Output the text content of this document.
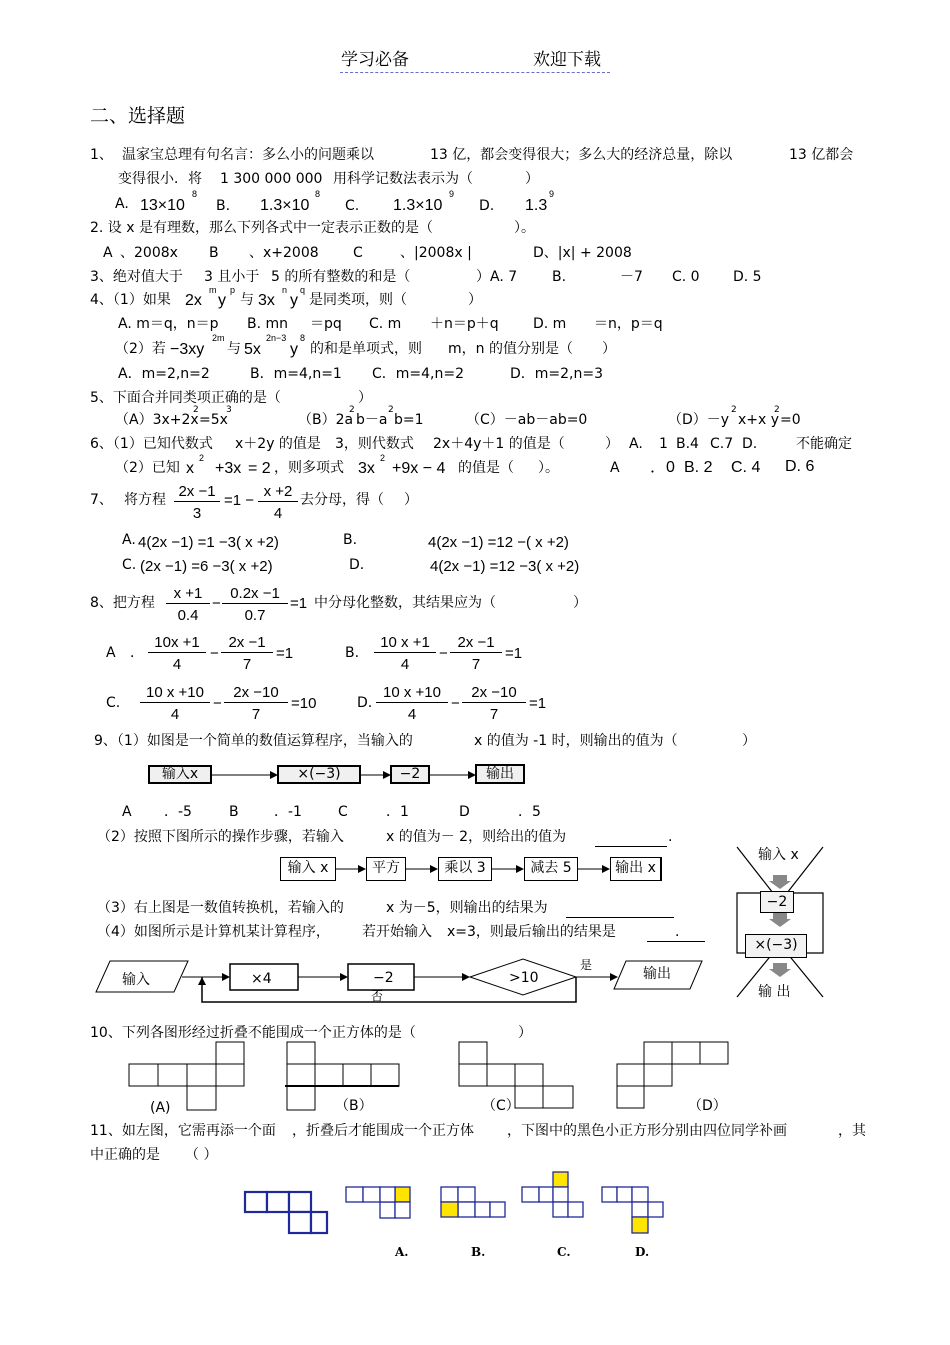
学习必备	欢迎下载
二、选择题
1、 温家宝总理有句名言：多么小的问题乘以	13 亿，都会变得很大；多么大的经济总量，除以	13 亿都会
变得很小．将 1 300 000 000 用科学记数法表示为（	）
A. 13×10
8
B. 1.3×10
8
C. 1.3×10
9
D. 1.3
9
2. 设 x 是有理数，那么下列各式中一定表示正数的是（	）。
A 、2008x B 、x+2008 C	、|2008x |	D、|x| + 2008
3、绝对值大于 3 且小于 5 的所有整数的和是（	）A. 7 B.	－7 C. 0 D. 5
4、（1）如果 2x
m
y
p
与 3x
n
y
q
是同类项，则（	）
A. m＝q，n＝p B. mn ＝pq C. m ＋n＝p＋q D. m ＝n，p＝q
（2）若 −3xy
2m
与 5x
2n−3
y
8
的和是单项式，则 m，n 的值分别是（ ）
A．m=2,n=2	B．m=4,n=1 C．m=4,n=2	D．m=2,n=3
5、下面合并同类项正确的是（	）
（A）3x+2x
2
=5x
3
（B）2a
2
b－a
2
b=1	（C）－ab－ab=0	（D）－y
2
x+x y
2
=0
6、（1）已知代数式 x＋2y 的值是 3，则代数式 2x＋4y＋1 的值是（	） A. 1 B.4 C.7 D.	不能确定
（2）已知 x
2
+3x = 2 ，则多项式 3x
2
+9x − 4 的值是（ ）。	A ．0 B. 2 C. 4 D. 6
7、 将方程 $\frac{2x -1}{3} =1 - \frac{x +2}{4}$ 去分母，得（ ）
A. 4(2x −1) =1 −3( x +2)	B.	4(2x −1) =12 −( x +2)
C. (2x −1) =6 −3( x +2)	D.	4(2x −1) =12 −3( x +2)
8、把方程 $\frac{x +1}{0.4} - \frac{0.2x -1}{0.7} =1$ 中分母化整数，其结果应为（	）
A ． $\frac{10x +1}{4} - \frac{2x -1}{7} =1$	B. $\frac{10 x +1}{4} - \frac{2x -1}{7} =1$
C. $\frac{10 x +10}{4} - \frac{2x -10}{7} =10$	D. $\frac{10 x +10}{4} - \frac{2x -10}{7} =1$
9、（1）如图是一个简单的数值运算程序，当输入的	x 的值为 -1 时，则输出的值为（	）
输入x	×(−3)	−2	输出
A ．-5	B	．-1	C	．1	D	．5
（2）按照下图所示的操作步骤，若输入	x 的值为－ 2，则给出的值为	.
输入 x	平方	乘以 3	减去 5	输出 x
输入 x
−2
×(−3)
输 出
（3）右上图是一数值转换机，若输入的	x 为－5，则输出的结果为
（4）如图所示是计算机某计算程序， 若开始输入 x=3，则最后输出的结果是	.
输入	×4	−2	>10
是
否
输出
10、下列各图形经过折叠不能围成一个正方体的是（	）
(A)	（B）	（C）	（D）
11、如左图，它需再添一个面 ，折叠后才能围成一个正方体 ，下图中的黑色小正方形分别由四位同学补画	，其
中正确的是 （ ）
A.	B.	C.	D.
